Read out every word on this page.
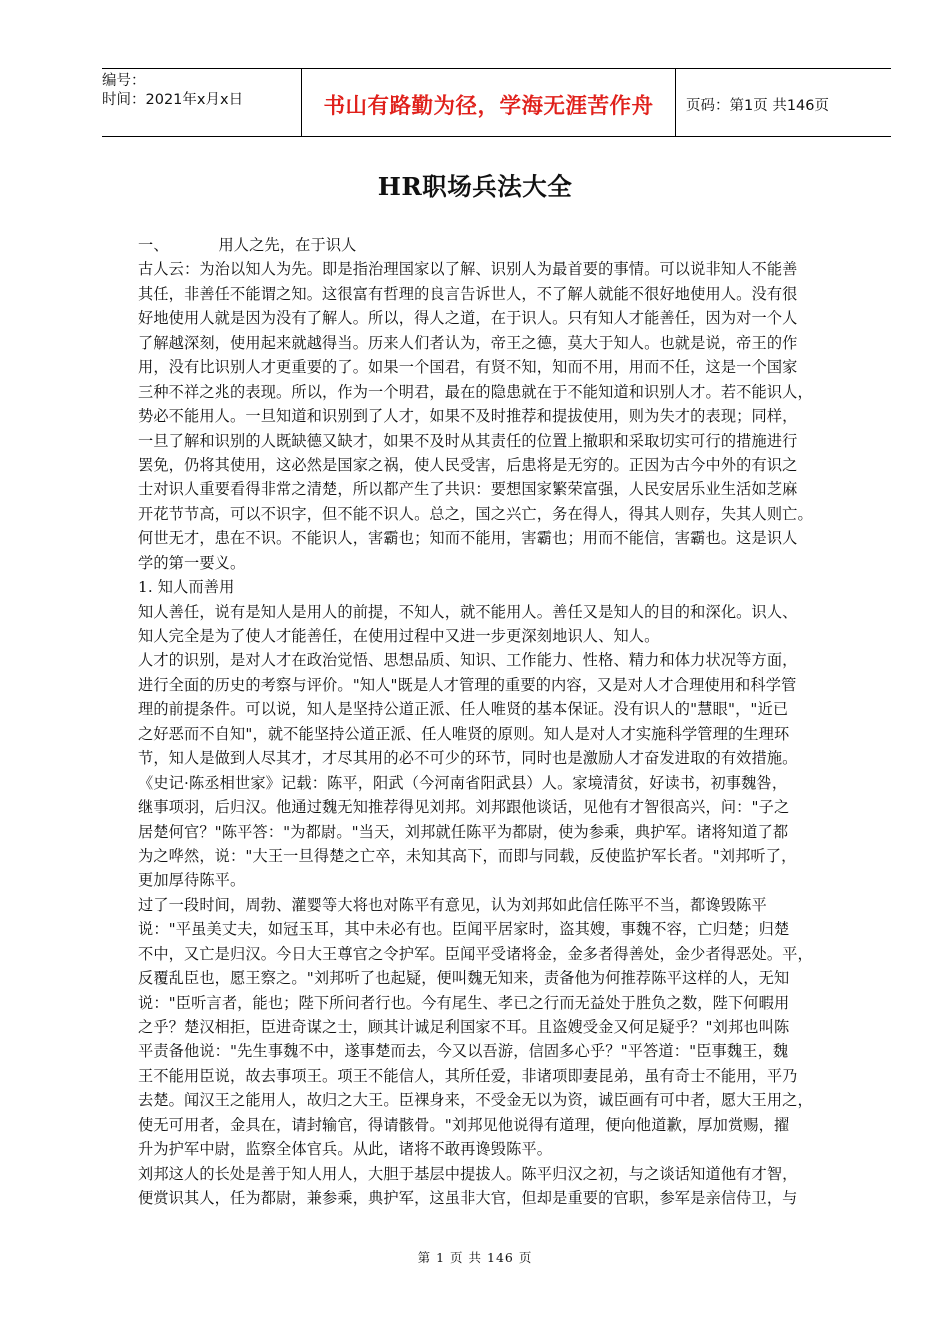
编号：
时间：2021年x月x日	书山有路勤为径，学海无涯苦作舟	页码：第1页 共146页
HR职场兵法大全
一、          用人之先，在于识人
古人云：为治以知人为先。即是指治理国家以了解、识别人为最首要的事情。可以说非知人不能善
其任，非善任不能谓之知。这很富有哲理的良言告诉世人，不了解人就能不很好地使用人。没有很
好地使用人就是因为没有了解人。所以，得人之道，在于识人。只有知人才能善任，因为对一个人
了解越深刻，使用起来就越得当。历来人们者认为，帝王之德，莫大于知人。也就是说，帝王的作
用，没有比识别人才更重要的了。如果一个国君，有贤不知，知而不用，用而不任，这是一个国家
三种不祥之兆的表现。所以，作为一个明君，最在的隐患就在于不能知道和识别人才。若不能识人，
势必不能用人。一旦知道和识别到了人才，如果不及时推荐和提拔使用，则为失才的表现；同样，
一旦了解和识别的人既缺德又缺才，如果不及时从其责任的位置上撤职和采取切实可行的措施进行
罢免，仍将其使用，这必然是国家之祸，使人民受害，后患将是无穷的。正因为古今中外的有识之
士对识人重要看得非常之清楚，所以都产生了共识：要想国家繁荣富强，人民安居乐业生活如芝麻
开花节节高，可以不识字，但不能不识人。总之，国之兴亡，务在得人，得其人则存，失其人则亡。
何世无才，患在不识。不能识人，害霸也；知而不能用，害霸也；用而不能信，害霸也。这是识人
学的第一要义。
1. 知人而善用
知人善任，说有是知人是用人的前提，不知人，就不能用人。善任又是知人的目的和深化。识人、
知人完全是为了使人才能善任，在使用过程中又进一步更深刻地识人、知人。
人才的识别，是对人才在政治觉悟、思想品质、知识、工作能力、性格、精力和体力状况等方面，
进行全面的历史的考察与评价。"知人"既是人才管理的重要的内容，又是对人才合理使用和科学管
理的前提条件。可以说，知人是坚持公道正派、任人唯贤的基本保证。没有识人的"慧眼"，"近已
之好恶而不自知"，就不能坚持公道正派、任人唯贤的原则。知人是对人才实施科学管理的生理环
节，知人是做到人尽其才，才尽其用的必不可少的环节，同时也是激励人才奋发进取的有效措施。
《史记·陈丞相世家》记载：陈平，阳武（今河南省阳武县）人。家境清贫，好读书，初事魏咎，
继事项羽，后归汉。他通过魏无知推荐得见刘邦。刘邦跟他谈话，见他有才智很高兴，问："子之
居楚何官？"陈平答："为都尉。"当天，刘邦就任陈平为都尉，使为参乘，典护军。诸将知道了都
为之哗然，说："大王一旦得楚之亡卒，未知其高下，而即与同载，反使监护军长者。"刘邦听了，
更加厚待陈平。
过了一段时间，周勃、灌婴等大将也对陈平有意见，认为刘邦如此信任陈平不当，都谗毁陈平
说："平虽美丈夫，如冠玉耳，其中未必有也。臣闻平居家时，盗其嫂，事魏不容，亡归楚；归楚
不中，又亡是归汉。今日大王尊官之令护军。臣闻平受诸将金，金多者得善处，金少者得恶处。平，
反覆乱臣也，愿王察之。"刘邦听了也起疑，便叫魏无知来，责备他为何推荐陈平这样的人，无知
说："臣听言者，能也；陛下所问者行也。今有尾生、孝已之行而无益处于胜负之数，陛下何暇用
之乎？楚汉相拒，臣进奇谋之士，顾其计诚足利国家不耳。且盗嫂受金又何足疑乎？"刘邦也叫陈
平责备他说："先生事魏不中，遂事楚而去，今又以吾游，信固多心乎？"平答道："臣事魏王，魏
王不能用臣说，故去事项王。项王不能信人，其所任爱，非诸项即妻昆弟，虽有奇士不能用，平乃
去楚。闻汉王之能用人，故归之大王。臣裸身来，不受金无以为资，诚臣画有可中者，愿大王用之，
使无可用者，金具在，请封输官，得请骸骨。"刘邦见他说得有道理，便向他道歉，厚加赏赐，擢
升为护军中尉，监察全体官兵。从此，诸将不敢再谗毁陈平。
刘邦这人的长处是善于知人用人，大胆于基层中提拔人。陈平归汉之初，与之谈话知道他有才智，
便赏识其人，任为都尉，兼参乘，典护军，这虽非大官，但却是重要的官职，参军是亲信侍卫，与
第 1 页 共 146 页
